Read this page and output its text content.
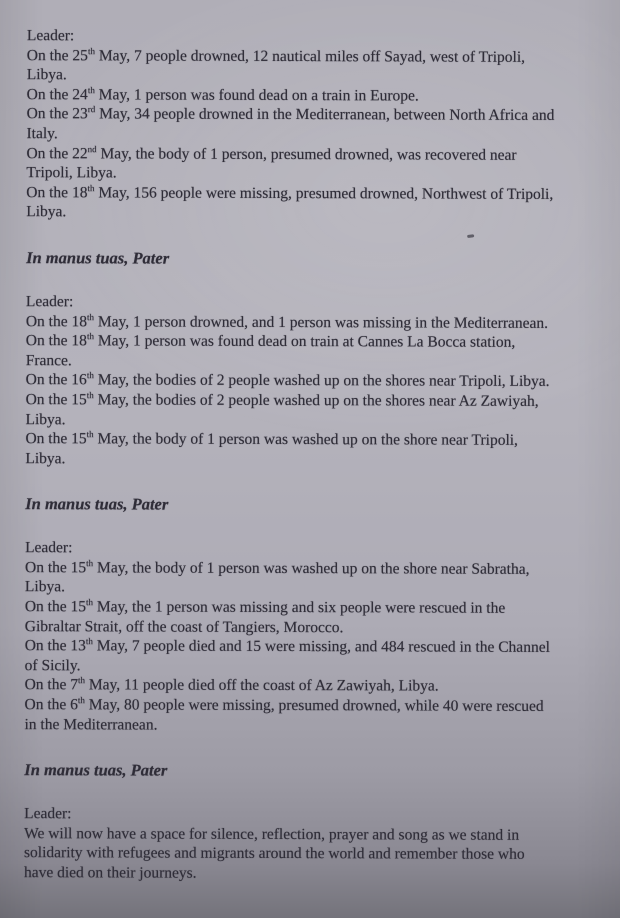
Leader:
On the 25th May, 7 people drowned, 12 nautical miles off Sayad, west of Tripoli,
Libya.
On the 24th May, 1 person was found dead on a train in Europe.
On the 23rd May, 34 people drowned in the Mediterranean, between North Africa and
Italy.
On the 22nd May, the body of 1 person, presumed drowned, was recovered near
Tripoli, Libya.
On the 18th May, 156 people were missing, presumed drowned, Northwest of Tripoli,
Libya.
In manus tuas, Pater
Leader:
On the 18th May, 1 person drowned, and 1 person was missing in the Mediterranean.
On the 18th May, 1 person was found dead on train at Cannes La Bocca station,
France.
On the 16th May, the bodies of 2 people washed up on the shores near Tripoli, Libya.
On the 15th May, the bodies of 2 people washed up on the shores near Az Zawiyah,
Libya.
On the 15th May, the body of 1 person was washed up on the shore near Tripoli,
Libya.
In manus tuas, Pater
Leader:
On the 15th May, the body of 1 person was washed up on the shore near Sabratha,
Libya.
On the 15th May, the 1 person was missing and six people were rescued in the
Gibraltar Strait, off the coast of Tangiers, Morocco.
On the 13th May, 7 people died and 15 were missing, and 484 rescued in the Channel
of Sicily.
On the 7th May, 11 people died off the coast of Az Zawiyah, Libya.
On the 6th May, 80 people were missing, presumed drowned, while 40 were rescued
in the Mediterranean.
In manus tuas, Pater
Leader:
We will now have a space for silence, reflection, prayer and song as we stand in
solidarity with refugees and migrants around the world and remember those who
have died on their journeys.
